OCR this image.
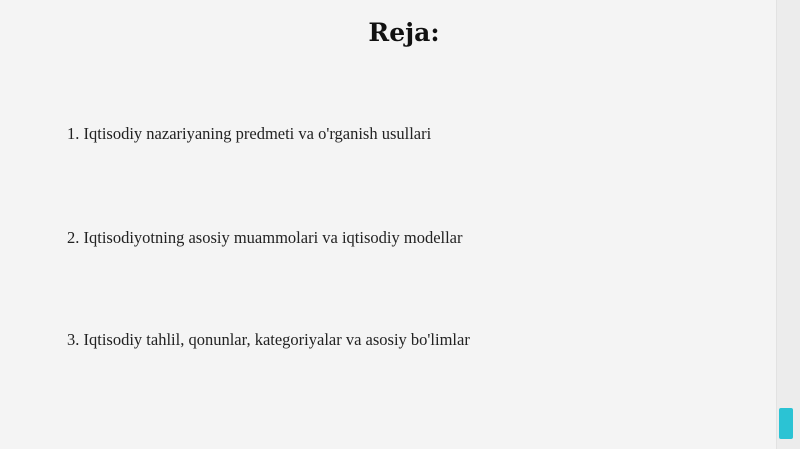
Reja:

1. Iqtisodiy nazariyaning predmeti va o'rganish usullari

2. Iqtisodiyotning asosiy muammolari va iqtisodiy modellar

3. Iqtisodiy tahlil, qonunlar, kategoriyalar va asosiy bo'limlar
